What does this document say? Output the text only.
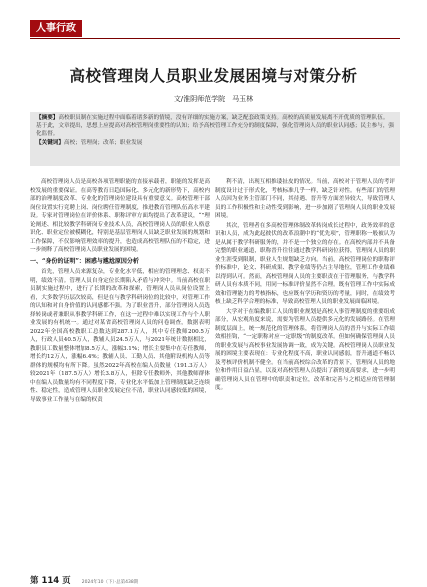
人事行政
高校管理岗人员职业发展困境与对策分析
文/淮阴师范学院　马玉林
【摘要】高校职员制在实施过程中面临着诸多新的情境，没有详细的实施方案，缺乏配套政策支持。高校的高质量发展离不开优质的管理队伍。基于此，文章提出，思想上应提高对高校管理岗重要性的认知；给予高校管理工作充分的制度保障，强化管理岗人员的职业认同感；民主参与，强化监督。
【关键词】高校；管理岗；改革；职业发展

高校管理岗人员是高校各项管理职能的直接承载者，职能的发挥是高校发展的重要保证。在高等教育日趋国际化、多元化的新形势下，高校内部的治理制度改革、专业化的管理岗位建设具有重要意义。高校管理干部岗位设置实行竞聘上岗、岗位聘任管理制度，推进教育管理队伍高水平建设。专家对管理岗位在评价体系、职称评审方面均提出了改革建议，“”理论阐述、相比较教学科研岗专业技术人员，高校管理岗人员的职业人格意识化、职业定位被模糊化，特别是基层管理岗人员缺乏职业发展的规划和工作保障，不仅影响管理效率的提升，也造成高校管理队伍的不稳定，进一步阐释了高校管理岗人员职业发展的困境。

一、“身份的证明”：困惑与尴尬原因分析

首先，管理人员来源复杂，专业化水平低，相应的管理理念、权责不明，绩效不清。管理人员自身定位长期陷入矛盾与冲突中。当前高校在职员制实施过程中，进行了长期的改革和探索，管理岗人员从岗位设置上看，大多数学历层次较高，但是在与教学科研岗位的比较中，对管理工作的认知和对自身价值的认同感都不强。为了职业晋升，部分管理岗人员选择转岗或者兼职从事教学科研工作，在这一过程中难以实现工作与个人职业发展的有机统一。通过对某省高校管理岗人员的问卷调查，数据表明2022年全国高校教职工总数达到287.1万人，其中专任教师200.5万人，行政人员40.5万人，教辅人员24.5万人，与2021年统计数据相比，教职员工数量整体增加8.5万人，涨幅3.1%；增长主要集中在专任教师，增长约12万人，涨幅6.4%；教辅人员、工勤人员、其他附设机构人员等群体的规模均有所下降。虽然2022年高校在编人员数量（191.3万人）较2021年（187.5万人）增长3.8万人，但除专任教师外，其他教师群体中在编人员数量均有不同程度下降，专业化水平低加上管理制度缺乏连续性、稳定性，造成管理人员职业发展定位不清，职业认同感较低的困境，导致事业工作量与在编的权责

利不清，出现互相推诿扯皮的情况。当前，高校对于管理人员的考评制度设计过于形式化，考核标准几乎一样，缺乏针对性。有些部门的管理人员因为业务主管部门不同，其待遇、晋升等方面差异较大，导致管理人员的工作积极性和主动性受到影响，进一步加剧了管理岗人员的职业发展困境。

其次，管理者在多高校管理体制改革转岗成长过程中，政务效率的意识和人员，成为此起彼伏的改革浪潮中的“优先项”，管理职称一般被认为是从属于教学科研服务的，并不是一个独立的存在。在高校内部并不具备完整的职业通道，职称晋升往往通过教学科研岗位获得，管理岗人员的职业生涯受到限制，职业人生规划缺乏方向。当前，高校管理岗位的职称评价标准中，论文、科研成果、教学业绩等仍占主导地位，管理工作业绩难以得到认可。然而，高校管理岗人员的主要职责在于管理服务，与教学科研人员有本质不同，用同一标准评价显然不合理。既有管理工作中实际成效和管理能力的考核指标，也应既有学历和资历的考量，同时，在绩效考核上缺乏科学合理的标准，导致高校管理人员的职业发展面临困境。

大学对于在编教职工人员的职业规划是高校人事管理制度的重要组成部分，从宏观角度来说，需要为管理人员提供多元化的发展路径。在管理制度层面上，统一规范化的管理体系，将管理岗人员的晋升与实际工作绩效相挂钩，“一定职称对应一定职级”的制度改革。但如何确保管理岗人员的职业发展与高校事业发展协调一致，成为关键。高校管理岗人员职业发展的困境主要表现在：专业化程度不高，职业认同感弱，晋升通道不畅以及考核评价机制不健全。在当前高校综合改革的背景下，管理岗人员的地位和作用日益凸显，以及对高校管理人员提出了新的更高要求，进一步明确管理岗人员在管理中的职责和定位，改革和完善与之相适应的管理制度。

第 114 页 2024年10（下）·总第438期
